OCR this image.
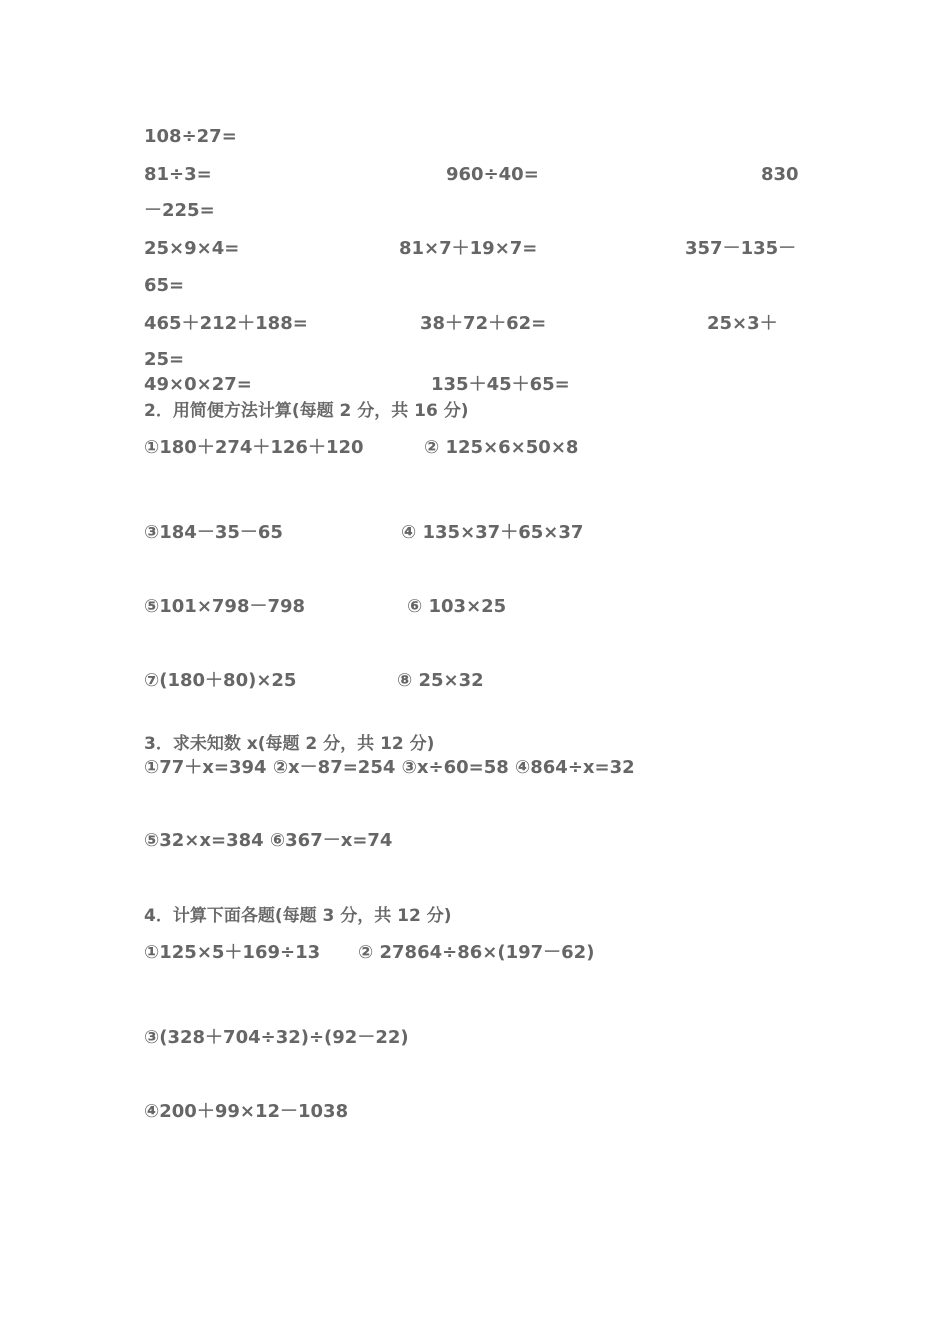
108÷27=
81÷3=	960÷40=	830
－225=
25×9×4=	81×7＋19×7=	357－135－
65=
465＋212＋188=	38＋72＋62=	25×3＋
25=
49×0×27=	135＋45＋65=
2．用简便方法计算(每题 2 分，共 16 分)
①180＋274＋126＋120	② 125×6×50×8
③184－35－65	④ 135×37＋65×37
⑤101×798－798	⑥ 103×25
⑦(180＋80)×25	⑧ 25×32
3．求未知数 x(每题 2 分，共 12 分)
①77＋x=394 ②x－87=254 ③x÷60=58 ④864÷x=32
⑤32×x=384 ⑥367－x=74
4．计算下面各题(每题 3 分，共 12 分)
①125×5＋169÷13 ② 27864÷86×(197－62)
③(328＋704÷32)÷(92－22)
④200＋99×12－1038
